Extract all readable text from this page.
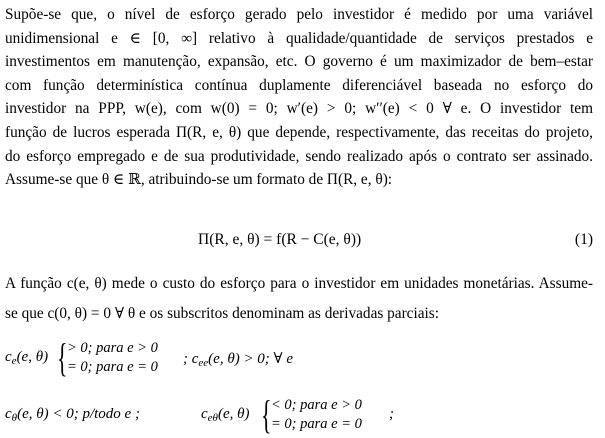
Supõe-se que, o nível de esforço gerado pelo investidor é medido por uma variável
unidimensional e ∈ [0, ∞] relativo à qualidade/quantidade de serviços prestados e
investimentos em manutenção, expansão, etc. O governo é um maximizador de bem–estar
com função determinística contínua duplamente diferenciável baseada no esforço do
investidor na PPP, w(e), com w(0) = 0; w′(e) > 0; w′′(e) < 0 ∀ e. O investidor tem
função de lucros esperada Π(R, e, θ) que depende, respectivamente, das receitas do projeto,
do esforço empregado e de sua produtividade, sendo realizado após o contrato ser assinado.
Assume-se que θ ∈ ℝ, atribuindo-se um formato de Π(R, e, θ):
Π(R, e, θ) = f(R − C(e, θ))	(1)
A função c(e, θ) mede o custo do esforço para o investidor em unidades monetárias. Assume-
se que c(0, θ) = 0 ∀ θ e os subscritos denominam as derivadas parciais:
$c_e(e$, θ) { > 0; para e > 0
= 0; para e = 0 ; $c_{ee}(e$, θ) > 0; ∀ e
$c_\theta(e$, θ) < 0; p/todo e ;	$c_{e\theta}(e$, θ) { < 0; para e > 0
= 0; para e = 0
;
